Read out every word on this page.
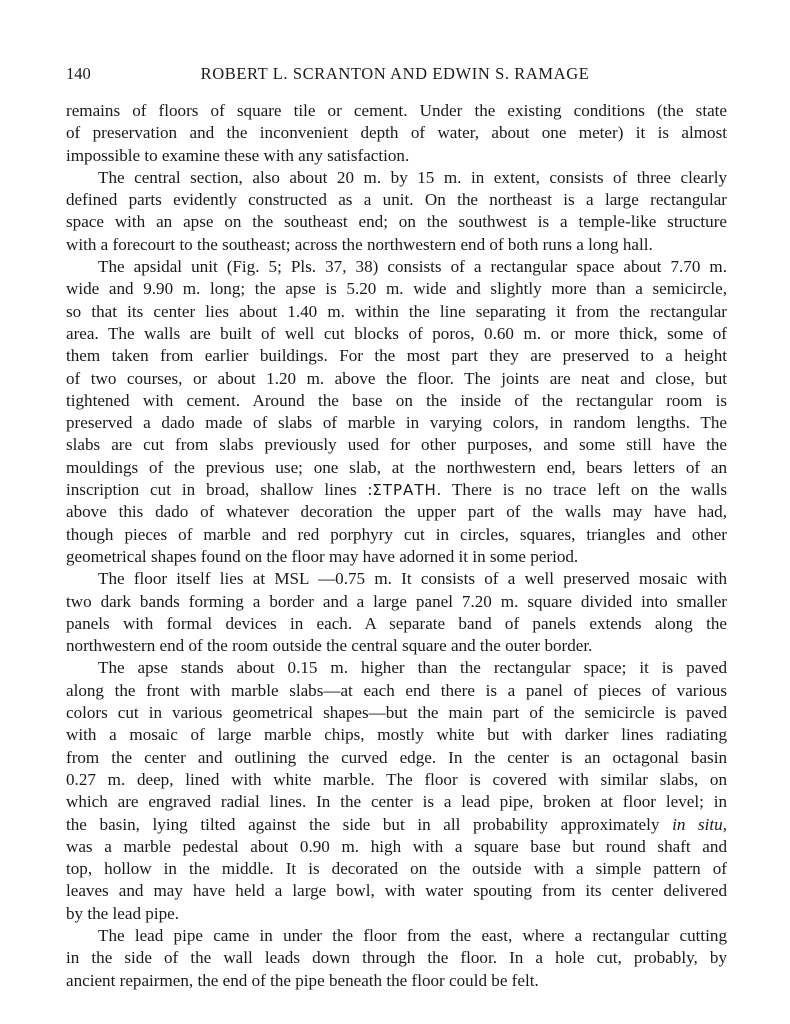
140	ROBERT L. SCRANTON AND EDWIN S. RAMAGE

remains of floors of square tile or cement. Under the existing conditions (the state
of preservation and the inconvenient depth of water, about one meter) it is almost
impossible to examine these with any satisfaction.

The central section, also about 20 m. by 15 m. in extent, consists of three clearly
defined parts evidently constructed as a unit. On the northeast is a large rectangular
space with an apse on the southeast end; on the southwest is a temple-like structure
with a forecourt to the southeast; across the northwestern end of both runs a long hall.

The apsidal unit (Fig. 5; Pls. 37, 38) consists of a rectangular space about 7.70 m.
wide and 9.90 m. long; the apse is 5.20 m. wide and slightly more than a semicircle,
so that its center lies about 1.40 m. within the line separating it from the rectangular
area. The walls are built of well cut blocks of poros, 0.60 m. or more thick, some of
them taken from earlier buildings. For the most part they are preserved to a height
of two courses, or about 1.20 m. above the floor. The joints are neat and close, but
tightened with cement. Around the base on the inside of the rectangular room is
preserved a dado made of slabs of marble in varying colors, in random lengths. The
slabs are cut from slabs previously used for other purposes, and some still have the
mouldings of the previous use; one slab, at the northwestern end, bears letters of an
inscription cut in broad, shallow lines :ΣΤΡΑΤΗ. There is no trace left on the walls
above this dado of whatever decoration the upper part of the walls may have had,
though pieces of marble and red porphyry cut in circles, squares, triangles and other
geometrical shapes found on the floor may have adorned it in some period.

The floor itself lies at MSL —0.75 m. It consists of a well preserved mosaic with
two dark bands forming a border and a large panel 7.20 m. square divided into smaller
panels with formal devices in each. A separate band of panels extends along the
northwestern end of the room outside the central square and the outer border.

The apse stands about 0.15 m. higher than the rectangular space; it is paved
along the front with marble slabs—at each end there is a panel of pieces of various
colors cut in various geometrical shapes—but the main part of the semicircle is paved
with a mosaic of large marble chips, mostly white but with darker lines radiating
from the center and outlining the curved edge. In the center is an octagonal basin
0.27 m. deep, lined with white marble. The floor is covered with similar slabs, on
which are engraved radial lines. In the center is a lead pipe, broken at floor level; in
the basin, lying tilted against the side but in all probability approximately in situ,
was a marble pedestal about 0.90 m. high with a square base but round shaft and
top, hollow in the middle. It is decorated on the outside with a simple pattern of
leaves and may have held a large bowl, with water spouting from its center delivered
by the lead pipe.

The lead pipe came in under the floor from the east, where a rectangular cutting
in the side of the wall leads down through the floor. In a hole cut, probably, by
ancient repairmen, the end of the pipe beneath the floor could be felt.
